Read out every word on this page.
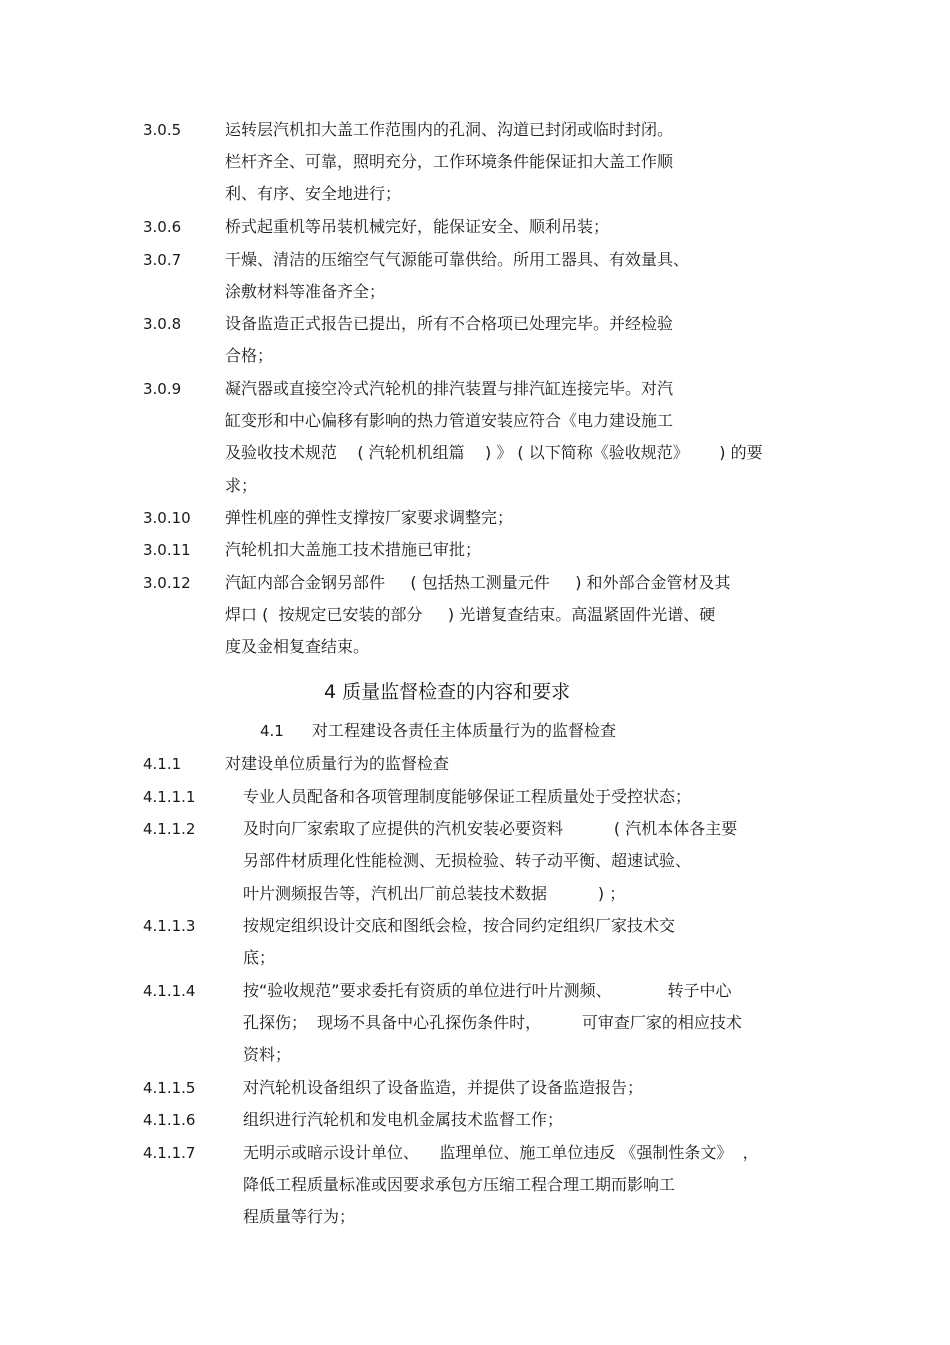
3.0.5	运转层汽机扣大盖工作范围内的孔洞、沟道已封闭或临时封闭。
栏杆齐全、可靠，照明充分，工作环境条件能保证扣大盖工作顺
利、有序、安全地进行；
3.0.6	桥式起重机等吊装机械完好，能保证安全、顺利吊装；
3.0.7	干燥、清洁的压缩空气气源能可靠供给。所用工器具、有效量具、
涂敷材料等准备齐全；
3.0.8	设备监造正式报告已提出，所有不合格项已处理完毕。并经检验
合格；
3.0.9	凝汽器或直接空冷式汽轮机的排汽装置与排汽缸连接完毕。对汽
缸变形和中心偏移有影响的热力管道安装应符合《电力建设施工
及验收技术规范    ( 汽轮机机组篇    ) 》 ( 以下简称《验收规范》      ) 的要
求；
3.0.10 弹性机座的弹性支撑按厂家要求调整完；
3.0.11 汽轮机扣大盖施工技术措施已审批；
3.0.12 汽缸内部合金钢另部件     ( 包括热工测量元件     ) 和外部合金管材及其
焊口 (  按规定已安装的部分     ) 光谱复查结束。高温紧固件光谱、硬
度及金相复查结束。
4 质量监督检查的内容和要求
4.1 对工程建设各责任主体质量行为的监督检查
4.1.1	对建设单位质量行为的监督检查
4.1.1.1	专业人员配备和各项管理制度能够保证工程质量处于受控状态；
4.1.1.2	及时向厂家索取了应提供的汽机安装必要资料          ( 汽机本体各主要
另部件材质理化性能检测、无损检验、转子动平衡、超速试验、
叶片测频报告等，汽机出厂前总装技术数据          ) ；
4.1.1.3	按规定组织设计交底和图纸会检，按合同约定组织厂家技术交
底；
4.1.1.4	按“验收规范”要求委托有资质的单位进行叶片测频、           转子中心
孔探伤；  现场不具备中心孔探伤条件时，        可审查厂家的相应技术
资料；
4.1.1.5	对汽轮机设备组织了设备监造，并提供了设备监造报告；
4.1.1.6	组织进行汽轮机和发电机金属技术监督工作；
4.1.1.7	无明示或暗示设计单位、    监理单位、施工单位违反 《强制性条文》  ，
降低工程质量标准或因要求承包方压缩工程合理工期而影响工
程质量等行为；
